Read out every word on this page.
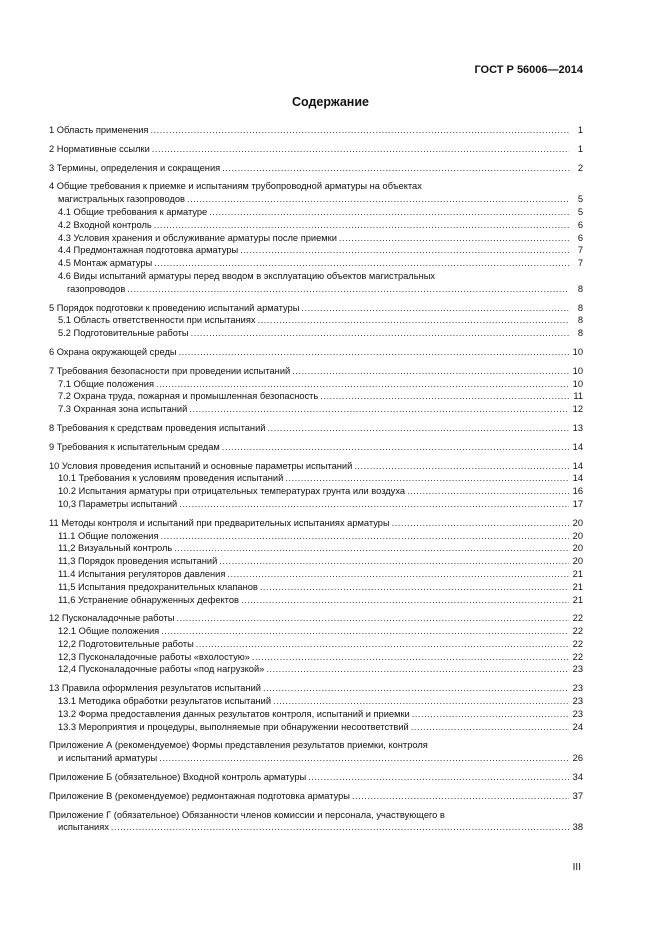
ГОСТ Р 56006—2014
Содержание
1 Область применения .....	1
2 Нормативные ссылки .....	1
3 Термины, определения и сокращения .....	2
4 Общие требования к приемке и испытаниям трубопроводной арматуры на объектах
магистральных газопроводов .....	5
4.1 Общие требования к арматуре .....	5
4.2 Входной контроль .....	6
4.3 Условия хранения и обслуживание арматуры после приемки .....	6
4.4 Предмонтажная подготовка арматуры .....	7
4.5 Монтаж арматуры .....	7
4.6 Виды испытаний арматуры перед вводом в эксплуатацию объектов магистральных
газопроводов .....	8
5 Порядок подготовки к проведению испытаний арматуры .....	8
5.1 Область ответственности при испытаниях .....	8
5.2 Подготовительные работы .....	8
6 Охрана окружающей среды .....	10
7 Требования безопасности при проведении испытаний .....	10
7.1 Общие положения .....	10
7.2 Охрана труда, пожарная и промышленная безопасность .....	11
7.3 Охранная зона испытаний .....	12
8 Требования к средствам проведения испытаний .....	13
9 Требования к испытательным средам .....	14
10 Условия проведения испытаний и основные параметры испытаний .....	14
10.1 Требования к условиям проведения испытаний .....	14
10.2 Испытания арматуры при отрицательных температурах грунта или воздуха .....	16
10,3 Параметры испытаний .....	17
11 Методы контроля и испытаний при предварительных испытаниях арматуры .....	20
11.1 Общие положения .....	20
11,2 Визуальный контроль .....	20
11,3 Порядок проведения испытаний .....	20
11.4 Испытания регуляторов давления .....	21
11,5 Испытания предохранительных клапанов .....	21
11,6 Устранение обнаруженных дефектов .....	21
12 Пусконаладочные работы .....	22
12.1 Общие положения .....	22
12,2 Подготовительные работы .....	22
12,3 Пусконаладочные работы «вхолостую» .....	22
12,4 Пусконаладочные работы «под нагрузкой» .....	23
13 Правила оформления результатов испытаний .....	23
13.1 Методика обработки результатов испытаний .....	23
13.2 Форма предоставления данных результатов контроля, испытаний и приемки .....	23
13.3 Мероприятия и процедуры, выполняемые при обнаружении несоответствий .....	24
Приложение А (рекомендуемое) Формы представления результатов приемки, контроля
и испытаний арматуры .....	26
Приложение Б (обязательное) Входной контроль арматуры .....	34
Приложение В (рекомендуемое) редмонтажная подготовка арматуры .....	37
Приложение Г (обязательное) Обязанности членов комиссии и персонала, участвующего в
испытаниях .....	38
III
